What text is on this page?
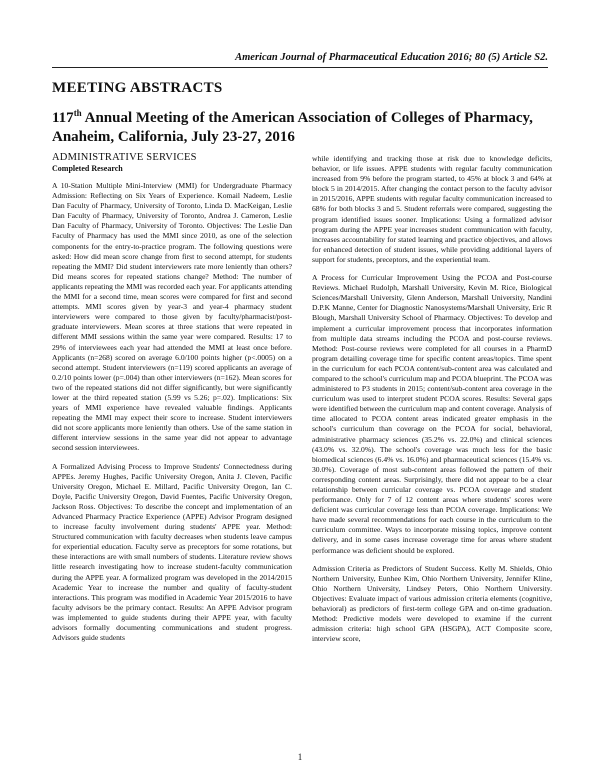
American Journal of Pharmaceutical Education 2016; 80 (5) Article S2.
MEETING ABSTRACTS
117th Annual Meeting of the American Association of Colleges of Pharmacy,
Anaheim, California, July 23-27, 2016
ADMINISTRATIVE SERVICES
Completed Research

A 10-Station Multiple Mini-Interview (MMI) for Undergraduate Pharmacy Admission: Reflecting on Six Years of Experience. Komail Nadeem, Leslie Dan Faculty of Pharmacy, University of Toronto, Linda D. MacKeigan, Leslie Dan Faculty of Pharmacy, University of Toronto, Andrea J. Cameron, Leslie Dan Faculty of Pharmacy, University of Toronto. Objectives: The Leslie Dan Faculty of Pharmacy has used the MMI since 2010, as one of the selection components for the entry-to-practice program. The following questions were asked: How did mean score change from first to second attempt, for students repeating the MMI? Did student interviewers rate more leniently than others? Did means scores for repeated stations change? Method: The number of applicants repeating the MMI was recorded each year. For applicants attending the MMI for a second time, mean scores were compared for first and second attempts. MMI scores given by year-3 and year-4 pharmacy student interviewers were compared to those given by faculty/pharmacist/post-graduate interviewers. Mean scores at three stations that were repeated in different MMI sessions within the same year were compared. Results: 17 to 29% of interviewees each year had attended the MMI at least once before. Applicants (n=268) scored on average 6.0/100 points higher (p<.0005) on a second attempt. Student interviewers (n=119) scored applicants an average of 0.2/10 points lower (p=.004) than other interviewers (n=162). Mean scores for two of the repeated stations did not differ significantly, but were significantly lower at the third repeated station (5.99 vs 5.26; p=.02). Implications: Six years of MMI experience have revealed valuable findings. Applicants repeating the MMI may expect their score to increase. Student interviewers did not score applicants more leniently than others. Use of the same station in different interview sessions in the same year did not appear to advantage second session interviewees.

A Formalized Advising Process to Improve Students' Connectedness during APPEs. Jeremy Hughes, Pacific University Oregon, Anita J. Cleven, Pacific University Oregon, Michael E. Millard, Pacific University Oregon, Ian C. Doyle, Pacific University Oregon, David Fuentes, Pacific University Oregon, Jackson Ross. Objectives: To describe the concept and implementation of an Advanced Pharmacy Practice Experience (APPE) Advisor Program designed to increase faculty involvement during students' APPE year. Method: Structured communication with faculty decreases when students leave campus for experiential education. Faculty serve as preceptors for some rotations, but these interactions are with small numbers of students. Literature review shows little research investigating how to increase student-faculty communication during the APPE year. A formalized program was developed in the 2014/2015 Academic Year to increase the number and quality of faculty-student interactions. This program was modified in Academic Year 2015/2016 to have faculty advisors be the primary contact. Results: An APPE Advisor program was implemented to guide students during their APPE year, with faculty advisors formally documenting communications and student progress. Advisors guide students

while identifying and tracking those at risk due to knowledge deficits, behavior, or life issues. APPE students with regular faculty communication increased from 9% before the program started, to 45% at block 3 and 64% at block 5 in 2014/2015. After changing the contact person to the faculty advisor in 2015/2016, APPE students with regular faculty communication increased to 68% for both blocks 3 and 5. Student referrals were compared, suggesting the program identified issues sooner. Implications: Using a formalized advisor program during the APPE year increases student communication with faculty, increases accountability for stated learning and practice objectives, and allows for enhanced detection of student issues, while providing additional layers of support for students, preceptors, and the experiential team.

A Process for Curricular Improvement Using the PCOA and Post-course Reviews. Michael Rudolph, Marshall University, Kevin M. Rice, Biological Sciences/Marshall University, Glenn Anderson, Marshall University, Nandini D.P.K Manne, Center for Diagnostic Nanosystems/Marshall University, Eric R Blough, Marshall University School of Pharmacy. Objectives: To develop and implement a curricular improvement process that incorporates information from multiple data streams including the PCOA and post-course reviews. Method: Post-course reviews were completed for all courses in a PharmD program detailing coverage time for specific content areas/topics. Time spent in the curriculum for each PCOA content/sub-content area was calculated and compared to the school's curriculum map and PCOA blueprint. The PCOA was administered to P3 students in 2015; content/sub-content area coverage in the curriculum was used to interpret student PCOA scores. Results: Several gaps were identified between the curriculum map and content coverage. Analysis of time allocated to PCOA content areas indicated greater emphasis in the school's curriculum than coverage on the PCOA for social, behavioral, administrative pharmacy sciences (35.2% vs. 22.0%) and clinical sciences (43.0% vs. 32.0%). The school's coverage was much less for the basic biomedical sciences (6.4% vs. 16.0%) and pharmaceutical sciences (15.4% vs. 30.0%). Coverage of most sub-content areas followed the pattern of their corresponding content areas. Surprisingly, there did not appear to be a clear relationship between curricular coverage vs. PCOA coverage and student performance. Only for 7 of 12 content areas where students' scores were deficient was curricular coverage less than PCOA coverage. Implications: We have made several recommendations for each course in the curriculum to the curriculum committee. Ways to incorporate missing topics, improve content delivery, and in some cases increase coverage time for areas where student performance was deficient should be explored.

Admission Criteria as Predictors of Student Success. Kelly M. Shields, Ohio Northern University, Eunhee Kim, Ohio Northern University, Jennifer Kline, Ohio Northern University, Lindsey Peters, Ohio Northern University. Objectives: Evaluate impact of various admission criteria elements (cognitive, behavioral) as predictors of first-term college GPA and on-time graduation. Method: Predictive models were developed to examine if the current admission criteria: high school GPA (HSGPA), ACT Composite score, interview score,

1
